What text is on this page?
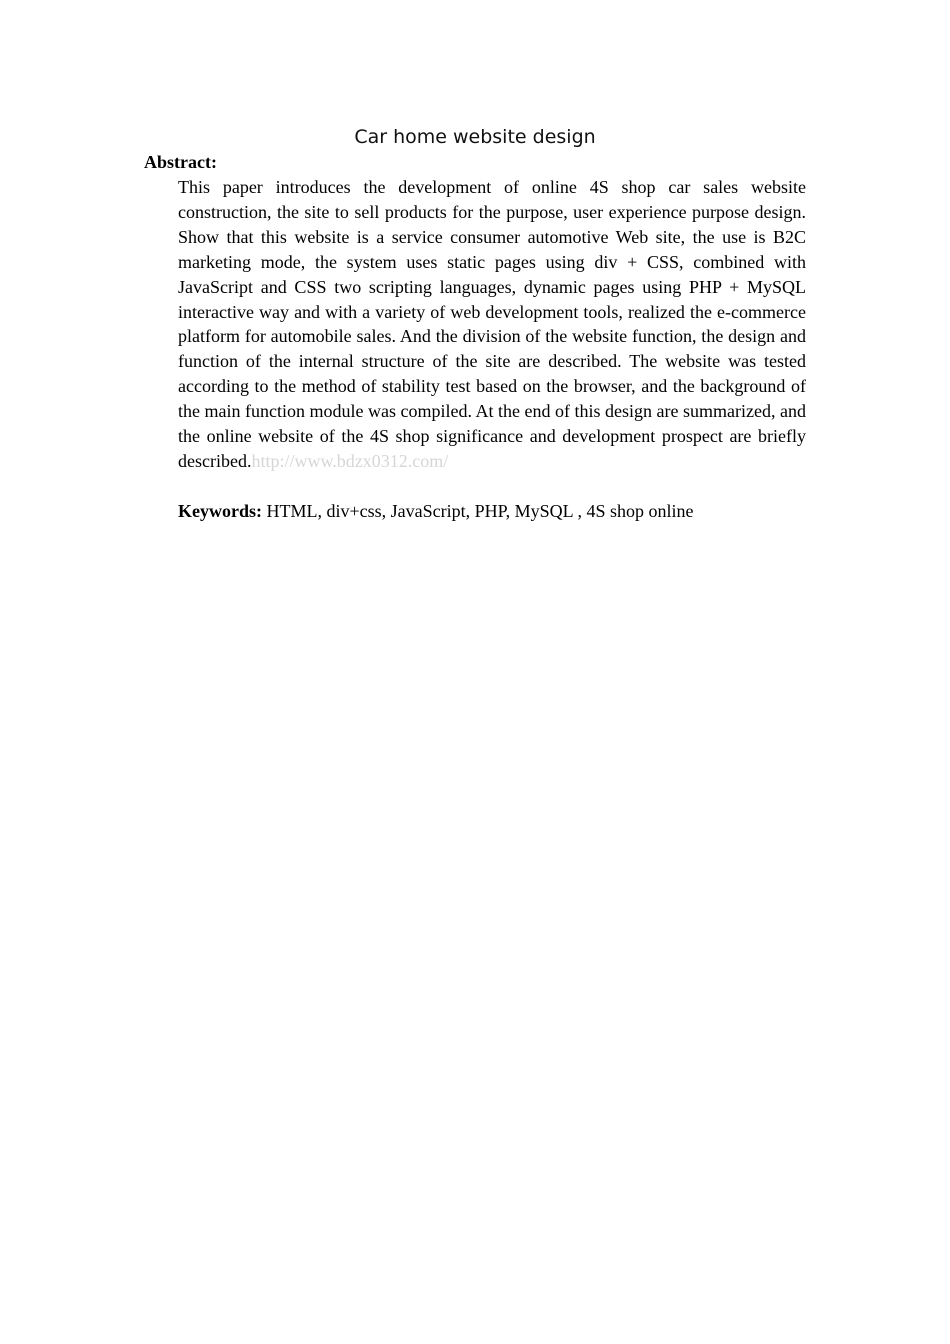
Car home website design
Abstract:

This paper introduces the development of online 4S shop car sales website construction, the site to sell products for the purpose, user experience purpose design. Show that this website is a service consumer automotive Web site, the use is B2C marketing mode, the system uses static pages using div + CSS, combined with JavaScript and CSS two scripting languages, dynamic pages using PHP + MySQL interactive way and with a variety of web development tools, realized the e-commerce platform for automobile sales. And the division of the website function, the design and function of the internal structure of the site are described. The website was tested according to the method of stability test based on the browser, and the background of the main function module was compiled. At the end of this design are summarized, and the online website of the 4S shop significance and development prospect are briefly described.http://www.bdzx0312.com/

Keywords: HTML, div+css, JavaScript, PHP, MySQL , 4S shop online
